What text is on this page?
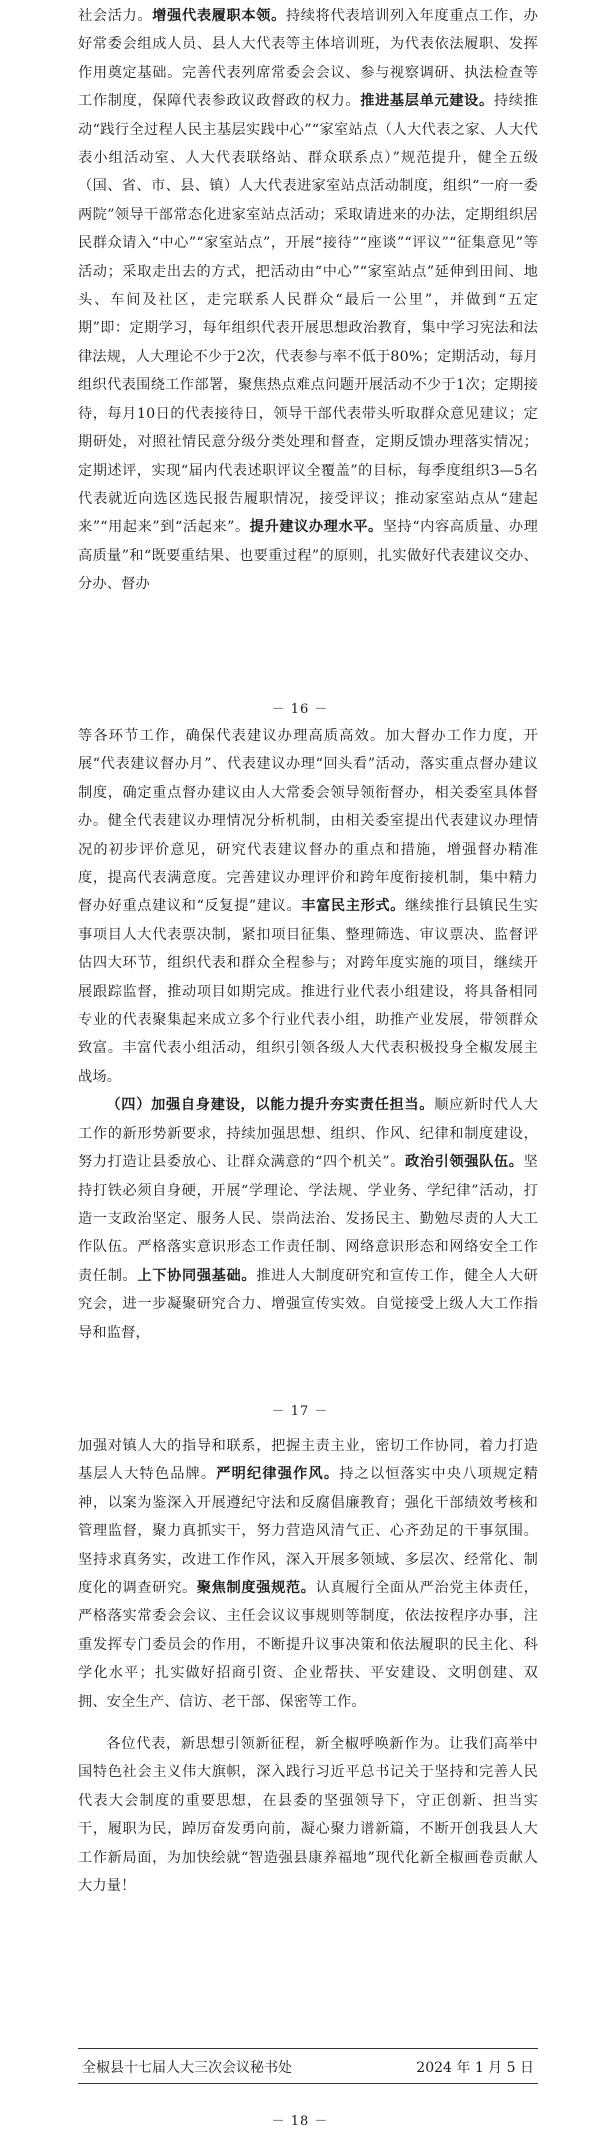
社会活力。增强代表履职本领。持续将代表培训列入年度重点工作，办好常委会组成人员、县人大代表等主体培训班，为代表依法履职、发挥作用奠定基础。完善代表列席常委会会议、参与视察调研、执法检查等工作制度，保障代表参政议政督政的权力。推进基层单元建设。持续推动“践行全过程人民主基层实践中心”“家室站点（人大代表之家、人大代表小组活动室、人大代表联络站、群众联系点）”规范提升，健全五级（国、省、市、县、镇）人大代表进家室站点活动制度，组织“一府一委两院”领导干部常态化进家室站点活动；采取请进来的办法，定期组织居民群众请入“中心”“家室站点”，开展“接待”“座谈”“评议”“征集意见”等活动；采取走出去的方式，把活动由“中心”“家室站点”延伸到田间、地头、车间及社区，走完联系人民群众“最后一公里”，并做到“五定期”即：定期学习，每年组织代表开展思想政治教育，集中学习宪法和法律法规，人大理论不少于2次，代表参与率不低于80%；定期活动，每月组织代表围绕工作部署，聚焦热点难点问题开展活动不少于1次；定期接待，每月10日的代表接待日，领导干部代表带头听取群众意见建议；定期研处，对照社情民意分级分类处理和督查，定期反馈办理落实情况；定期述评，实现“届内代表述职评议全覆盖”的目标，每季度组织3—5名代表就近向选区选民报告履职情况，接受评议；推动家室站点从“建起来”“用起来”到“活起来”。提升建议办理水平。坚持“内容高质量、办理高质量”和“既要重结果、也要重过程”的原则，扎实做好代表建议交办、分办、督办

－ 16 －

等各环节工作，确保代表建议办理高质高效。加大督办工作力度，开展“代表建议督办月”、代表建议办理“回头看”活动，落实重点督办建议制度，确定重点督办建议由人大常委会领导领衔督办，相关委室具体督办。健全代表建议办理情况分析机制，由相关委室提出代表建议办理情况的初步评价意见，研究代表建议督办的重点和措施，增强督办精准度，提高代表满意度。完善建议办理评价和跨年度衔接机制，集中精力督办好重点建议和“反复提”建议。丰富民主形式。继续推行县镇民生实事项目人大代表票决制，紧扣项目征集、整理筛选、审议票决、监督评估四大环节，组织代表和群众全程参与；对跨年度实施的项目，继续开展跟踪监督，推动项目如期完成。推进行业代表小组建设，将具备相同专业的代表聚集起来成立多个行业代表小组，助推产业发展，带领群众致富。丰富代表小组活动，组织引领各级人大代表积极投身全椒发展主战场。

（四）加强自身建设，以能力提升夯实责任担当。顺应新时代人大工作的新形势新要求，持续加强思想、组织、作风、纪律和制度建设，努力打造让县委放心、让群众满意的“四个机关”。政治引领强队伍。坚持打铁必须自身硬，开展“学理论、学法规、学业务、学纪律”活动，打造一支政治坚定、服务人民、崇尚法治、发扬民主、勤勉尽责的人大工作队伍。严格落实意识形态工作责任制、网络意识形态和网络安全工作责任制。上下协同强基础。推进人大制度研究和宣传工作，健全人大研究会，进一步凝聚研究合力、增强宣传实效。自觉接受上级人大工作指导和监督，

－ 17 －

加强对镇人大的指导和联系，把握主责主业，密切工作协同，着力打造基层人大特色品牌。严明纪律强作风。持之以恒落实中央八项规定精神，以案为鉴深入开展遵纪守法和反腐倡廉教育；强化干部绩效考核和管理监督，聚力真抓实干，努力营造风清气正、心齐劲足的干事氛围。坚持求真务实，改进工作作风，深入开展多领域、多层次、经常化、制度化的调查研究。聚焦制度强规范。认真履行全面从严治党主体责任，严格落实常委会会议、主任会议议事规则等制度，依法按程序办事，注重发挥专门委员会的作用，不断提升议事决策和依法履职的民主化、科学化水平；扎实做好招商引资、企业帮扶、平安建设、文明创建、双拥、安全生产、信访、老干部、保密等工作。

各位代表，新思想引领新征程，新全椒呼唤新作为。让我们高举中国特色社会主义伟大旗帜，深入践行习近平总书记关于坚持和完善人民代表大会制度的重要思想，在县委的坚强领导下，守正创新、担当实干，履职为民，踔厉奋发勇向前，凝心聚力谱新篇，不断开创我县人大工作新局面，为加快绘就“智造强县康养福地”现代化新全椒画卷贡献人大力量！

全椒县十七届人大三次会议秘书处	2024 年 1 月 5 日
－ 18 －
